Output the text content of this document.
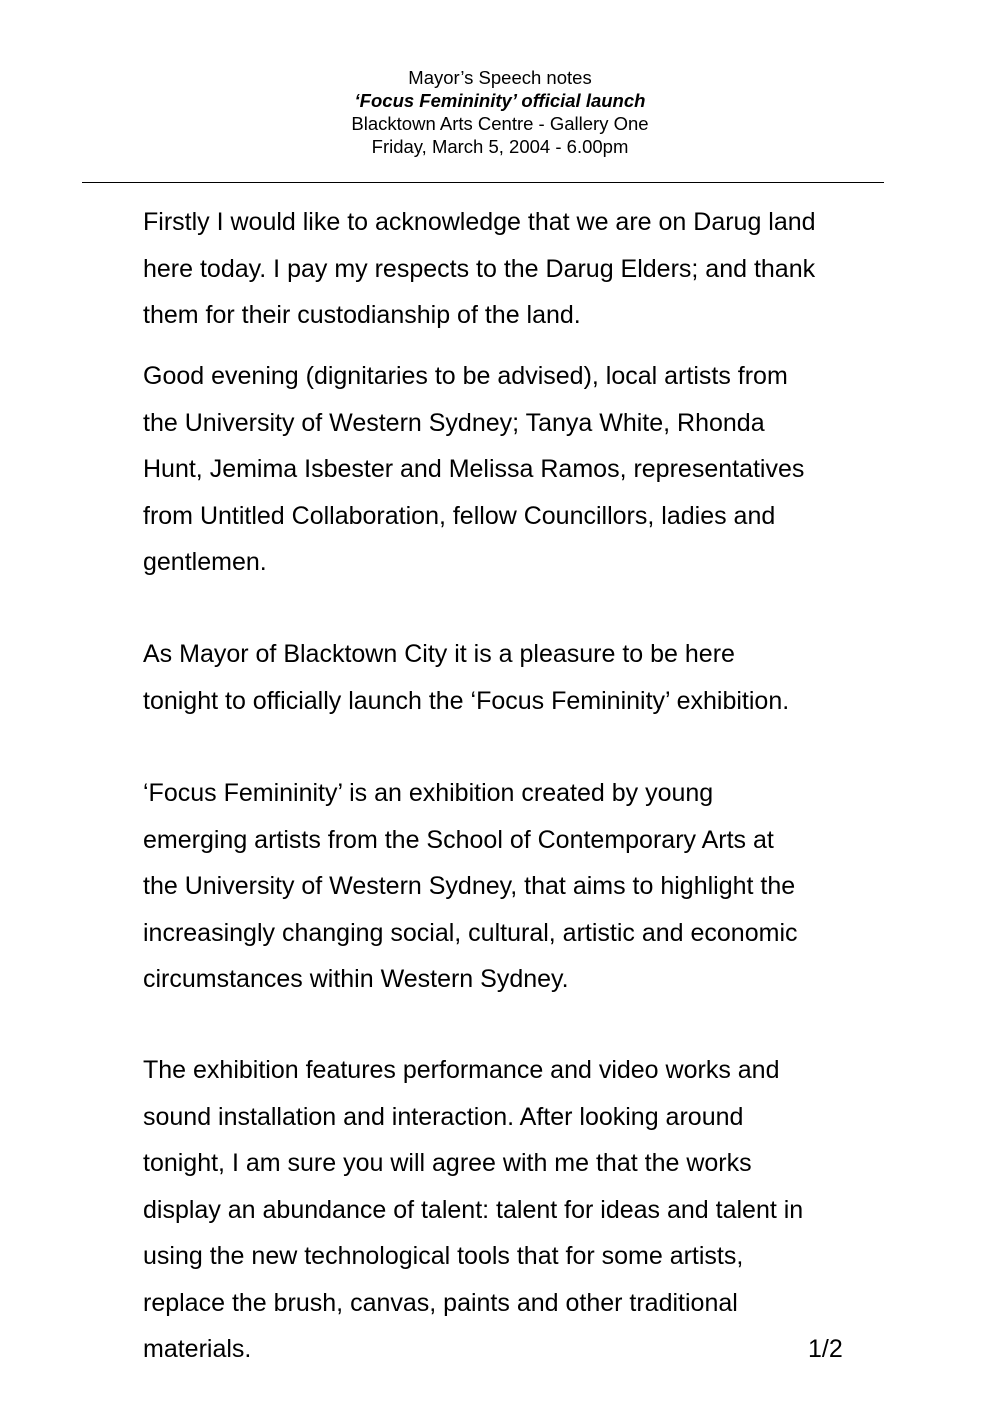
Mayor’s Speech notes
‘Focus Femininity’ official launch
Blacktown Arts Centre - Gallery One
Friday, March 5, 2004 - 6.00pm
Firstly I would like to acknowledge that we are on Darug land
here today. I pay my respects to the Darug Elders; and thank
them for their custodianship of the land.
Good evening (dignitaries to be advised), local artists from
the University of Western Sydney; Tanya White, Rhonda
Hunt, Jemima Isbester and Melissa Ramos, representatives
from Untitled Collaboration, fellow Councillors, ladies and
gentlemen.
As Mayor of Blacktown City it is a pleasure to be here
tonight to officially launch the ‘Focus Femininity’ exhibition.
‘Focus Femininity’ is an exhibition created by young
emerging artists from the School of Contemporary Arts at
the University of Western Sydney, that aims to highlight the
increasingly changing social, cultural, artistic and economic
circumstances within Western Sydney.
The exhibition features performance and video works and
sound installation and interaction. After looking around
tonight, I am sure you will agree with me that the works
display an abundance of talent: talent for ideas and talent in
using the new technological tools that for some artists,
replace the brush, canvas, paints and other traditional
materials.	1/2
